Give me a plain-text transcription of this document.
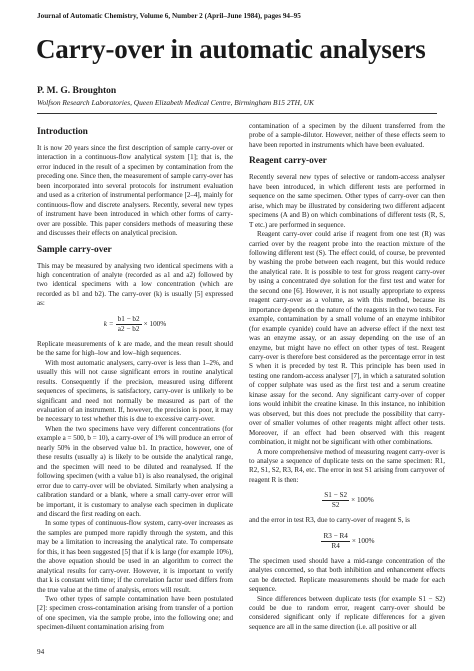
Journal of Automatic Chemistry, Volume 6, Number 2 (April–June 1984), pages 94–95
Carry-over in automatic analysers
P. M. G. Broughton
Wolfson Research Laboratories, Queen Elizabeth Medical Centre, Birmingham B15 2TH, UK
Introduction

It is now 20 years since the first description of sample carry-over or interaction in a continuous-flow analytical system [1]; that is, the error induced in the result of a specimen by contamination from the preceding one. Since then, the measurement of sample carry-over has been incorporated into several protocols for instrument evaluation and used as a criterion of instrumental performance [2–4], mainly for continuous-flow and discrete analysers. Recently, several new types of instrument have been introduced in which other forms of carry-over are possible. This paper considers methods of measuring these and discusses their effects on analytical precision.

Sample carry-over

This may be measured by analysing two identical specimens with a high concentration of analyte (recorded as a1 and a2) followed by two identical specimens with a low concentration (which are recorded as b1 and b2). The carry-over (k) is usually [5] expressed as:

$k = \frac{b1 - b2}{a2 - b2} \times 100\%$

Replicate measurements of k are made, and the mean result should be the same for high–low and low–high sequences.

With most automatic analysers, carry-over is less than 1–2%, and usually this will not cause significant errors in routine analytical results. Consequently if the precision, measured using different sequences of specimens, is satisfactory, carry-over is unlikely to be significant and need not normally be measured as part of the evaluation of an instrument. If, however, the precision is poor, it may be necessary to test whether this is due to excessive carry-over.

When the two specimens have very different concentrations (for example a = 500, b = 10), a carry-over of 1% will produce an error of nearly 50% in the observed value b1. In practice, however, one of these results (usually a) is likely to be outside the analytical range, and the specimen will need to be diluted and reanalysed. If the following specimen (with a value b1) is also reanalysed, the original error due to carry-over will be obviated. Similarly when analysing a calibration standard or a blank, where a small carry-over error will be important, it is customary to analyse each specimen in duplicate and discard the first reading on each.

In some types of continuous-flow system, carry-over increases as the samples are pumped more rapidly through the system, and this may be a limitation to increasing the analytical rate. To compensate for this, it has been suggested [5] that if k is large (for example 10%), the above equation should be used in an algorithm to correct the analytical results for carry-over. However, it is important to verify that k is constant with time; if the correlation factor used differs from the true value at the time of analysis, errors will result.

Two other types of sample contamination have been postulated [2]: specimen cross-contamination arising from transfer of a portion of one specimen, via the sample probe, into the following one; and specimen-diluent contamination arising from

contamination of a specimen by the diluent transferred from the probe of a sample-dilutor. However, neither of these effects seem to have been reported in instruments which have been evaluated.

Reagent carry-over

Recently several new types of selective or random-access analyser have been introduced, in which different tests are performed in sequence on the same specimen. Other types of carry-over can then arise, which may be illustrated by considering two different adjacent specimens (A and B) on which combinations of different tests (R, S, T etc.) are performed in sequence.

Reagent carry-over could arise if reagent from one test (R) was carried over by the reagent probe into the reaction mixture of the following different test (S). The effect could, of course, be prevented by washing the probe between each reagent, but this would reduce the analytical rate. It is possible to test for gross reagent carry-over by using a concentrated dye solution for the first test and water for the second one [6]. However, it is not usually appropriate to express reagent carry-over as a volume, as with this method, because its importance depends on the nature of the reagents in the two tests. For example, contamination by a small volume of an enzyme inhibitor (for example cyanide) could have an adverse effect if the next test was an enzyme assay, or an assay depending on the use of an enzyme, but might have no effect on other types of test. Reagent carry-over is therefore best considered as the percentage error in test S when it is preceded by test R. This principle has been used in testing one random-access analyser [7], in which a saturated solution of copper sulphate was used as the first test and a serum creatine kinase assay for the second. Any significant carry-over of copper ions would inhibit the creatine kinase. In this instance, no inhibition was observed, but this does not preclude the possibility that carry-over of smaller volumes of other reagents might affect other tests. Moreover, if an effect had been observed with this reagent combination, it might not be significant with other combinations.

A more comprehensive method of measuring reagent carry-over is to analyse a sequence of duplicate tests on the same specimen: R1, R2, S1, S2, R3, R4, etc. The error in test S1 arising from carryover of reagent R is then:

$\frac{S1 - S2}{S2} \times 100\%$

and the error in test R3, due to carry-over of reagent S, is

$\frac{R3 - R4}{R4} \times 100\%$

The specimen used should have a mid-range concentration of the analytes concerned, so that both inhibition and enhancement effects can be detected. Replicate measurements should be made for each sequence.

Since differences between duplicate tests (for example S1 − S2) could be due to random error, reagent carry-over should be considered significant only if replicate differences for a given sequence are all in the same direction (i.e. all positive or all

94
